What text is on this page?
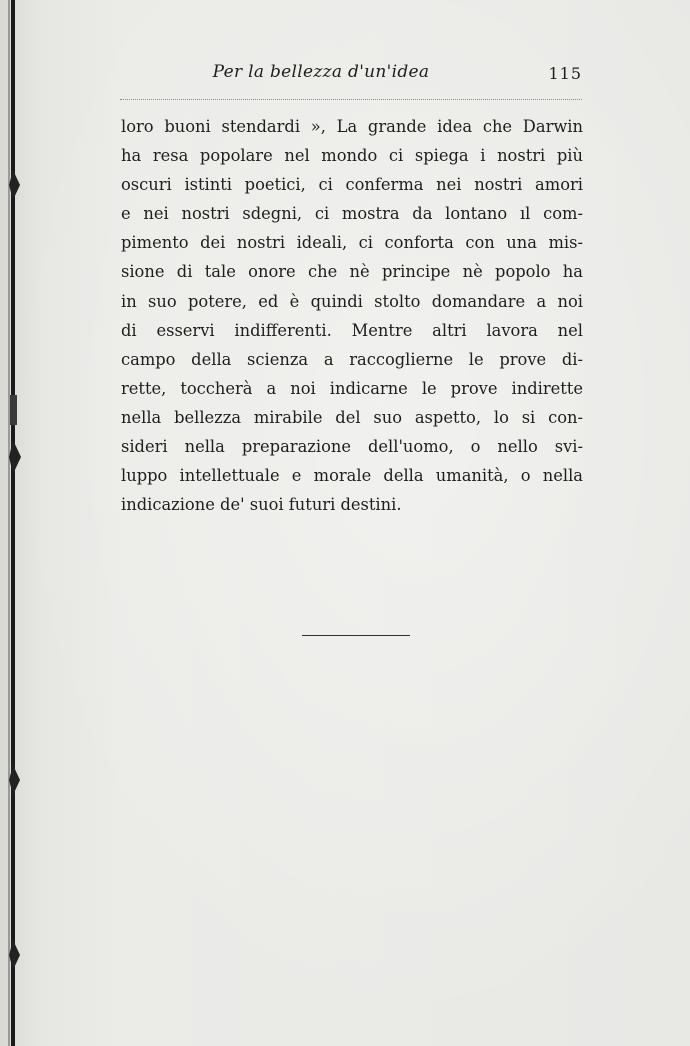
Per la bellezza d'un'idea	115
loro buoni stendardi », La grande idea che Darwin
ha resa popolare nel mondo ci spiega i nostri più
oscuri istinti poetici, ci conferma nei nostri amori
e nei nostri sdegni, ci mostra da lontano ıl com-
pimento dei nostri ideali, ci conforta con una mis-
sione di tale onore che nè principe nè popolo ha
in suo potere, ed è quindi stolto domandare a noi
di esservi indifferenti. Mentre altri lavora nel
campo della scienza a raccoglierne le prove di-
rette, toccherà a noi indicarne le prove indirette
nella bellezza mirabile del suo aspetto, lo si con-
sideri nella preparazione dell'uomo, o nello svi-
luppo intellettuale e morale della umanità, o nella
indicazione de' suoi futuri destini.
